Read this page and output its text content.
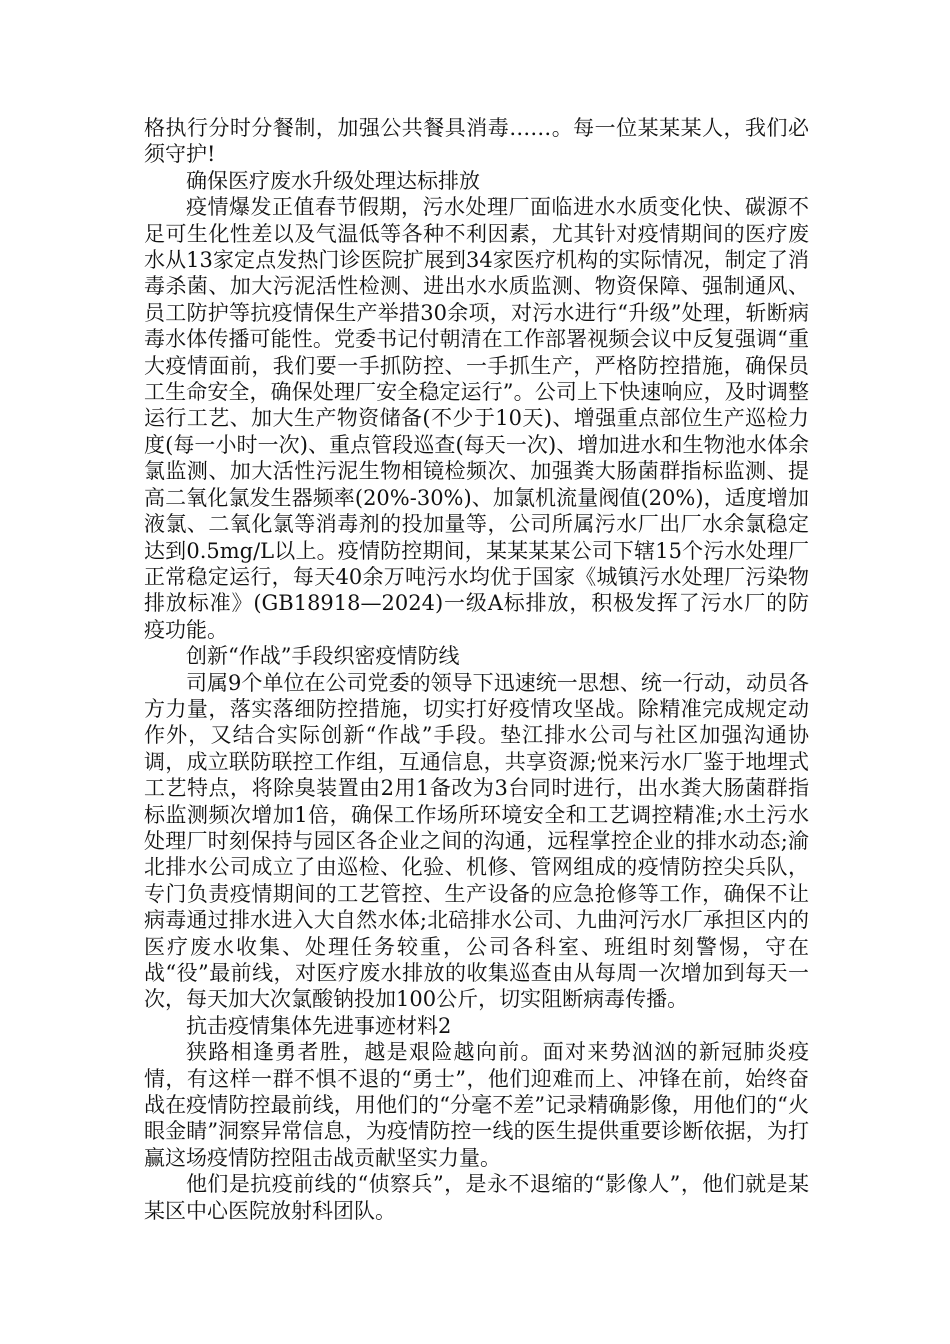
格执行分时分餐制，加强公共餐具消毒……。每一位某某某人，我们必须守护!

确保医疗废水升级处理达标排放

疫情爆发正值春节假期，污水处理厂面临进水水质变化快、碳源不足可生化性差以及气温低等各种不利因素，尤其针对疫情期间的医疗废水从13家定点发热门诊医院扩展到34家医疗机构的实际情况，制定了消毒杀菌、加大污泥活性检测、进出水水质监测、物资保障、强制通风、员工防护等抗疫情保生产举措30余项，对污水进行“升级”处理，斩断病毒水体传播可能性。党委书记付朝清在工作部署视频会议中反复强调“重大疫情面前，我们要一手抓防控、一手抓生产，严格防控措施，确保员工生命安全，确保处理厂安全稳定运行”。公司上下快速响应，及时调整运行工艺、加大生产物资储备(不少于10天)、增强重点部位生产巡检力度(每一小时一次)、重点管段巡查(每天一次)、增加进水和生物池水体余氯监测、加大活性污泥生物相镜检频次、加强粪大肠菌群指标监测、提高二氧化氯发生器频率(20%-30%)、加氯机流量阀值(20%)，适度增加液氯、二氧化氯等消毒剂的投加量等，公司所属污水厂出厂水余氯稳定达到0.5mg/L以上。疫情防控期间，某某某某公司下辖15个污水处理厂正常稳定运行，每天40余万吨污水均优于国家《城镇污水处理厂污染物排放标准》(GB18918—2024)一级A标排放，积极发挥了污水厂的防疫功能。

创新“作战”手段织密疫情防线

司属9个单位在公司党委的领导下迅速统一思想、统一行动，动员各方力量，落实落细防控措施，切实打好疫情攻坚战。除精准完成规定动作外，又结合实际创新“作战”手段。垫江排水公司与社区加强沟通协调，成立联防联控工作组，互通信息，共享资源;悦来污水厂鉴于地埋式工艺特点，将除臭装置由2用1备改为3台同时进行，出水粪大肠菌群指标监测频次增加1倍，确保工作场所环境安全和工艺调控精准;水土污水处理厂时刻保持与园区各企业之间的沟通，远程掌控企业的排水动态;渝北排水公司成立了由巡检、化验、机修、管网组成的疫情防控尖兵队，专门负责疫情期间的工艺管控、生产设备的应急抢修等工作，确保不让病毒通过排水进入大自然水体;北碚排水公司、九曲河污水厂承担区内的医疗废水收集、处理任务较重，公司各科室、班组时刻警惕，守在战“役”最前线，对医疗废水排放的收集巡查由从每周一次增加到每天一次，每天加大次氯酸钠投加100公斤，切实阻断病毒传播。

抗击疫情集体先进事迹材料2

狭路相逢勇者胜，越是艰险越向前。面对来势汹汹的新冠肺炎疫情，有这样一群不惧不退的“勇士”，他们迎难而上、冲锋在前，始终奋战在疫情防控最前线，用他们的“分毫不差”记录精确影像，用他们的“火眼金睛”洞察异常信息，为疫情防控一线的医生提供重要诊断依据，为打赢这场疫情防控阻击战贡献坚实力量。

他们是抗疫前线的“侦察兵”，是永不退缩的“影像人”，他们就是某某区中心医院放射科团队。
